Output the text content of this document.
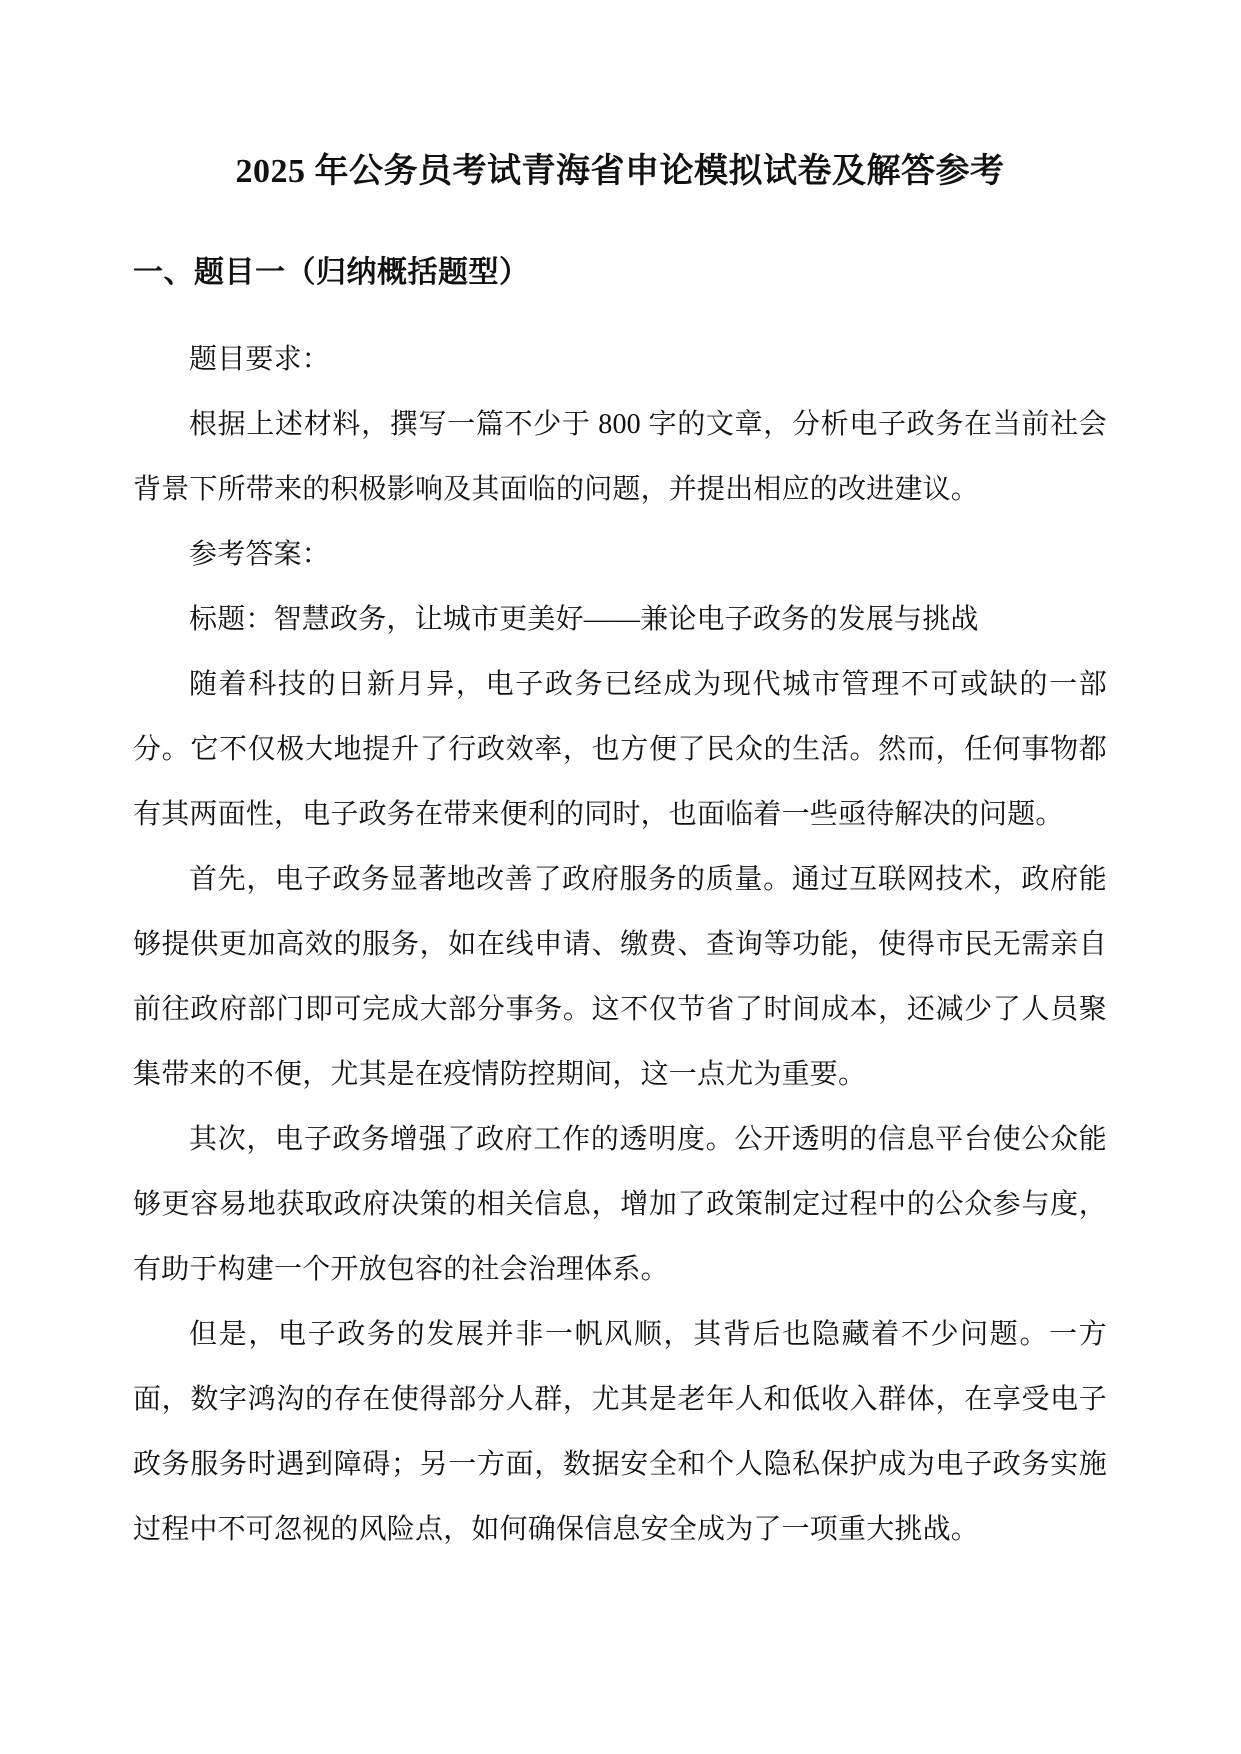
2025 年公务员考试青海省申论模拟试卷及解答参考
一、题目一（归纳概括题型）

题目要求：

根据上述材料，撰写一篇不少于 800 字的文章，分析电子政务在当前社会背景下所带来的积极影响及其面临的问题，并提出相应的改进建议。

参考答案：

标题：智慧政务，让城市更美好——兼论电子政务的发展与挑战

随着科技的日新月异，电子政务已经成为现代城市管理不可或缺的一部分。它不仅极大地提升了行政效率，也方便了民众的生活。然而，任何事物都有其两面性，电子政务在带来便利的同时，也面临着一些亟待解决的问题。

首先，电子政务显著地改善了政府服务的质量。通过互联网技术，政府能够提供更加高效的服务，如在线申请、缴费、查询等功能，使得市民无需亲自前往政府部门即可完成大部分事务。这不仅节省了时间成本，还减少了人员聚集带来的不便，尤其是在疫情防控期间，这一点尤为重要。

其次，电子政务增强了政府工作的透明度。公开透明的信息平台使公众能够更容易地获取政府决策的相关信息，增加了政策制定过程中的公众参与度，有助于构建一个开放包容的社会治理体系。

但是，电子政务的发展并非一帆风顺，其背后也隐藏着不少问题。一方面，数字鸿沟的存在使得部分人群，尤其是老年人和低收入群体，在享受电子政务服务时遇到障碍；另一方面，数据安全和个人隐私保护成为电子政务实施过程中不可忽视的风险点，如何确保信息安全成为了一项重大挑战。
